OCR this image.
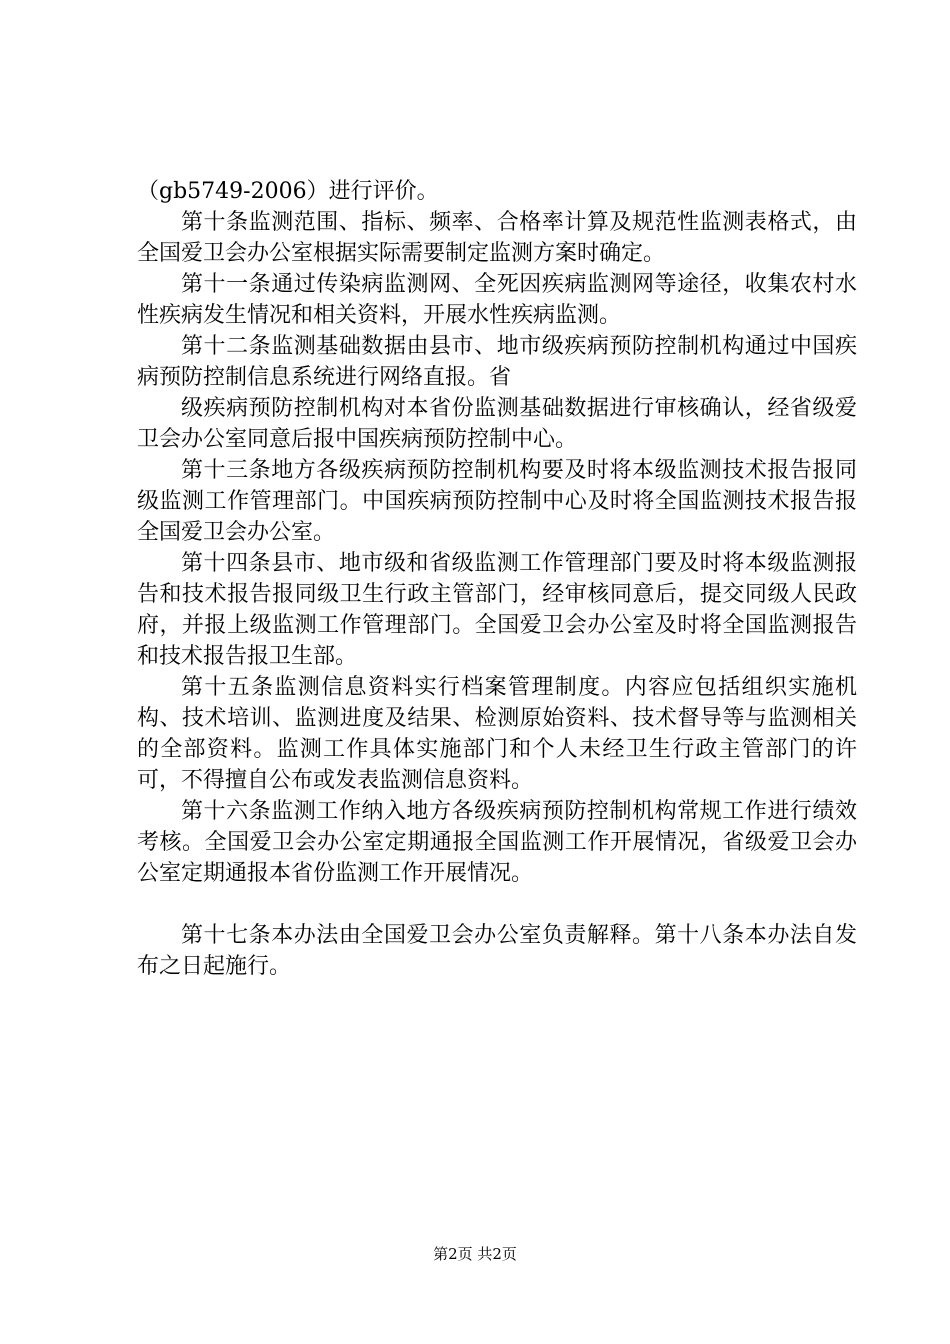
（gb5749-2006）进行评价。

第十条监测范围、指标、频率、合格率计算及规范性监测表格式，由全国爱卫会办公室根据实际需要制定监测方案时确定。

第十一条通过传染病监测网、全死因疾病监测网等途径，收集农村水性疾病发生情况和相关资料，开展水性疾病监测。

第十二条监测基础数据由县市、地市级疾病预防控制机构通过中国疾病预防控制信息系统进行网络直报。省

级疾病预防控制机构对本省份监测基础数据进行审核确认，经省级爱卫会办公室同意后报中国疾病预防控制中心。

第十三条地方各级疾病预防控制机构要及时将本级监测技术报告报同级监测工作管理部门。中国疾病预防控制中心及时将全国监测技术报告报全国爱卫会办公室。

第十四条县市、地市级和省级监测工作管理部门要及时将本级监测报告和技术报告报同级卫生行政主管部门，经审核同意后，提交同级人民政府，并报上级监测工作管理部门。全国爱卫会办公室及时将全国监测报告和技术报告报卫生部。

第十五条监测信息资料实行档案管理制度。内容应包括组织实施机构、技术培训、监测进度及结果、检测原始资料、技术督导等与监测相关的全部资料。监测工作具体实施部门和个人未经卫生行政主管部门的许可，不得擅自公布或发表监测信息资料。

第十六条监测工作纳入地方各级疾病预防控制机构常规工作进行绩效考核。全国爱卫会办公室定期通报全国监测工作开展情况，省级爱卫会办公室定期通报本省份监测工作开展情况。

第十七条本办法由全国爱卫会办公室负责解释。第十八条本办法自发布之日起施行。

第2页 共2页
